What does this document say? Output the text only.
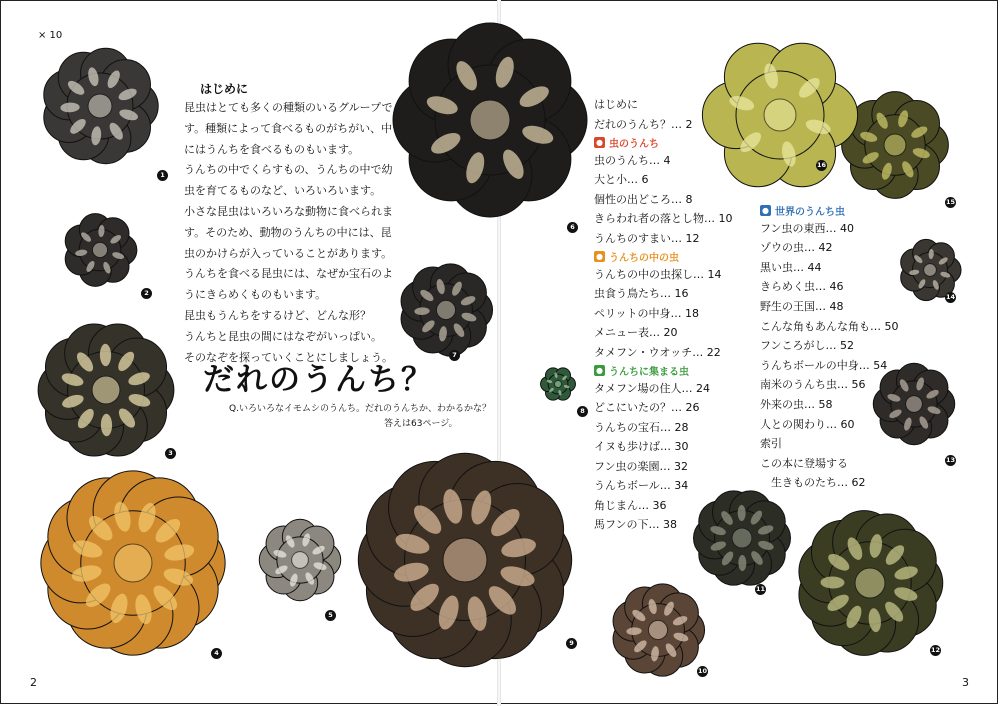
× 10
2	3
はじめに

昆虫はとても多くの種類のいるグループです。種類によって食べるものがちがい、中にはうんちを食べるものもいます。

うんちの中でくらすもの、うんちの中で幼虫を育てるものなど、いろいろいます。

小さな昆虫はいろいろな動物に食べられます。そのため、動物のうんちの中には、昆虫のかけらが入っていることがあります。

うんちを食べる昆虫には、なぜか宝石のようにきらめくものもいます。

昆虫もうんちをするけど、どんな形？

うんちと昆虫の間にはなぞがいっぱい。

そのなぞを探っていくことにしましょう。

だれのうんち？
Q.いろいろなイモムシのうんち。だれのうんちか、わかるかな？
答えは63ページ。
はじめに
だれのうんち？… 2
● 虫のうんち
虫のうんち… 4
大と小… 6
個性の出どころ… 8
きらわれ者の落とし物… 10
うんちのすまい… 12
● うんちの中の虫
うんちの中の虫探し… 14
虫食う鳥たち… 16
ペリットの中身… 18
メニュー表… 20
タメフン・ウオッチ… 22
● うんちに集まる虫
タメフン場の住人… 24
どこにいたの？… 26
うんちの宝石… 28
イヌも歩けば… 30
フン虫の楽園… 32
うんちボール… 34
角じまん… 36
馬フンの下… 38
● 世界のうんち虫
フン虫の東西… 40
ゾウの虫… 42
黒い虫… 44
きらめく虫… 46
野生の王国… 48
こんな角もあんな角も… 50
フンころがし… 52
うんちボールの中身… 54
南米のうんち虫… 56
外来の虫… 58
人との関わり… 60
索引
この本に登場する
　生きものたち… 62
1
2
3
4
5
6
7
8
9
10
11
12
13
14
15
16
